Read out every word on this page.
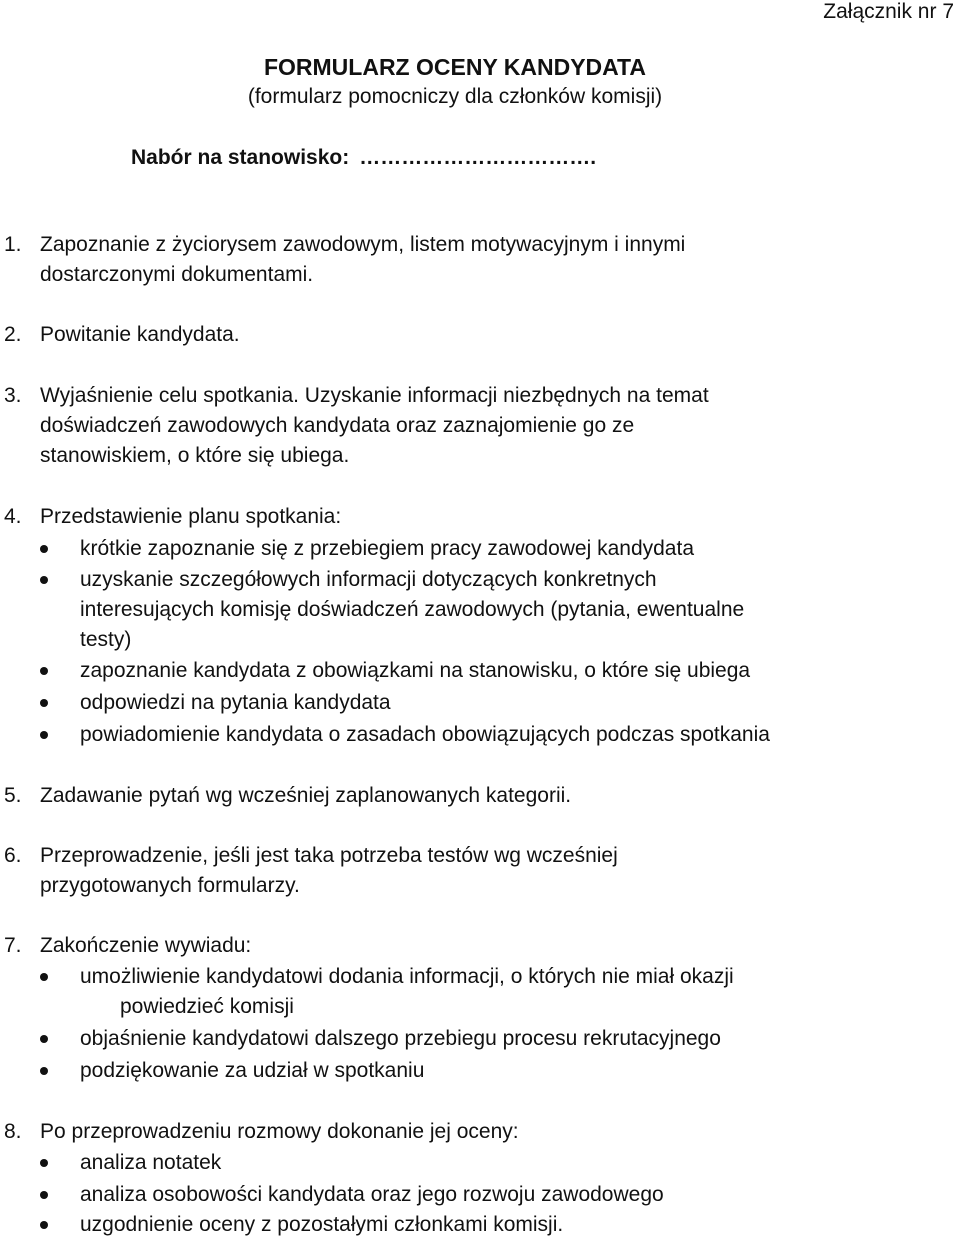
Załącznik nr 7
FORMULARZ OCENY KANDYDATA
(formularz pomocniczy dla członków komisji)
Nabór na stanowisko: …………………………….
1. Zapoznanie z życiorysem zawodowym, listem motywacyjnym i innymi
dostarczonymi dokumentami.
2. Powitanie kandydata.
3. Wyjaśnienie celu spotkania. Uzyskanie informacji niezbędnych na temat
doświadczeń zawodowych kandydata oraz zaznajomienie go ze
stanowiskiem, o które się ubiega.
4. Przedstawienie planu spotkania:
krótkie zapoznanie się z przebiegiem pracy zawodowej kandydata
uzyskanie szczegółowych informacji dotyczących konkretnych
interesujących komisję doświadczeń zawodowych (pytania, ewentualne
testy)
zapoznanie kandydata z obowiązkami na stanowisku, o które się ubiega
odpowiedzi na pytania kandydata
powiadomienie kandydata o zasadach obowiązujących podczas spotkania
5. Zadawanie pytań wg wcześniej zaplanowanych kategorii.
6. Przeprowadzenie, jeśli jest taka potrzeba testów wg wcześniej
przygotowanych formularzy.
7. Zakończenie wywiadu:
umożliwienie kandydatowi dodania informacji, o których nie miał okazji
powiedzieć komisji
objaśnienie kandydatowi dalszego przebiegu procesu rekrutacyjnego
podziękowanie za udział w spotkaniu
8. Po przeprowadzeniu rozmowy dokonanie jej oceny:
analiza notatek
analiza osobowości kandydata oraz jego rozwoju zawodowego
uzgodnienie oceny z pozostałymi członkami komisji.
